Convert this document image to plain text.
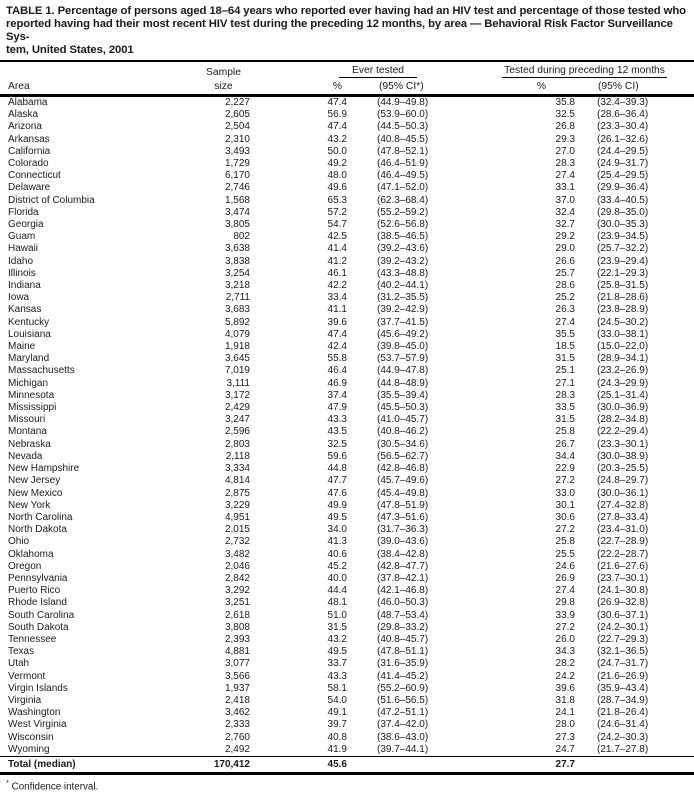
TABLE 1. Percentage of persons aged 18–64 years who reported ever having had an HIV test and percentage of those tested who
reported having had their most recent HIV test during the preceding 12 months, by area — Behavioral Risk Factor Surveillance Sys-
tem, United States, 2001
	Sample	Ever tested		Tested during preceding 12 months	
Area	size	%	(95% CI*)	%	(95% CI)
Alabama	2,227	47.4	(44.9–49.8)	35.8	(32.4–39.3)
Alaska	2,605	56.9	(53.9–60.0)	32.5	(28.6–36.4)
Arizona	2,504	47.4	(44.5–50.3)	26.8	(23.3–30.4)
Arkansas	2,310	43.2	(40.8–45.5)	29.3	(26.1–32.6)
California	3,493	50.0	(47.8–52.1)	27.0	(24.4–29.5)
Colorado	1,729	49.2	(46.4–51.9)	28.3	(24.9–31.7)
Connecticut	6,170	48.0	(46.4–49.5)	27.4	(25.4–29.5)
Delaware	2,746	49.6	(47.1–52.0)	33.1	(29.9–36.4)
District of Columbia	1,568	65.3	(62.3–68.4)	37.0	(33.4–40.5)
Florida	3,474	57.2	(55.2–59.2)	32.4	(29.8–35.0)
Georgia	3,805	54.7	(52.6–56.8)	32.7	(30.0–35.3)
Guam	802	42.5	(38.5–46.5)	29.2	(23.9–34.5)
Hawaii	3,638	41.4	(39.2–43.6)	29.0	(25.7–32.2)
Idaho	3,838	41.2	(39.2–43.2)	26.6	(23.9–29.4)
Illinois	3,254	46.1	(43.3–48.8)	25.7	(22.1–29.3)
Indiana	3,218	42.2	(40.2–44.1)	28.6	(25.8–31.5)
Iowa	2,711	33.4	(31.2–35.5)	25.2	(21.8–28.6)
Kansas	3,683	41.1	(39.2–42.9)	26.3	(23.8–28.9)
Kentucky	5,892	39.6	(37.7–41.5)	27.4	(24.5–30.2)
Louisiana	4,079	47.4	(45.6–49.2)	35.5	(33.0–38.1)
Maine	1,918	42.4	(39.8–45.0)	18.5	(15.0–22.0)
Maryland	3,645	55.8	(53.7–57.9)	31.5	(28.9–34.1)
Massachusetts	7,019	46.4	(44.9–47.8)	25.1	(23.2–26.9)
Michigan	3,111	46.9	(44.8–48.9)	27.1	(24.3–29.9)
Minnesota	3,172	37.4	(35.5–39.4)	28.3	(25.1–31.4)
Mississippi	2,429	47.9	(45.5–50.3)	33.5	(30.0–36.9)
Missouri	3,247	43.3	(41.0–45.7)	31.5	(28.2–34.8)
Montana	2,596	43.5	(40.8–46.2)	25.8	(22.2–29.4)
Nebraska	2,803	32.5	(30.5–34.6)	26.7	(23.3–30.1)
Nevada	2,118	59.6	(56.5–62.7)	34.4	(30.0–38.9)
New Hampshire	3,334	44.8	(42.8–46.8)	22.9	(20.3–25.5)
New Jersey	4,814	47.7	(45.7–49.6)	27.2	(24.8–29.7)
New Mexico	2,875	47.6	(45.4–49.8)	33.0	(30.0–36.1)
New York	3,229	49.9	(47.8–51.9)	30.1	(27.4–32.8)
North Carolina	4,951	49.5	(47.3–51.6)	30.6	(27.8–33.4)
North Dakota	2,015	34.0	(31.7–36.3)	27.2	(23.4–31.0)
Ohio	2,732	41.3	(39.0–43.6)	25.8	(22.7–28.9)
Oklahoma	3,482	40.6	(38.4–42.8)	25.5	(22.2–28.7)
Oregon	2,046	45.2	(42.8–47.7)	24.6	(21.6–27.6)
Pennsylvania	2,842	40.0	(37.8–42.1)	26.9	(23.7–30.1)
Puerto Rico	3,292	44.4	(42.1–46.8)	27.4	(24.1–30.8)
Rhode Island	3,251	48.1	(46.0–50.3)	29.8	(26.9–32.8)
South Carolina	2,618	51.0	(48.7–53.4)	33.9	(30.6–37.1)
South Dakota	3,808	31.5	(29.8–33.2)	27.2	(24.2–30.1)
Tennessee	2,393	43.2	(40.8–45.7)	26.0	(22.7–29.3)
Texas	4,881	49.5	(47.8–51.1)	34.3	(32.1–36.5)
Utah	3,077	33.7	(31.6–35.9)	28.2	(24.7–31.7)
Vermont	3,566	43.3	(41.4–45.2)	24.2	(21.6–26.9)
Virgin Islands	1,937	58.1	(55.2–60.9)	39.6	(35.9–43.4)
Virginia	2,418	54.0	(51.6–56.5)	31.8	(28.7–34.9)
Washington	3,462	49.1	(47.2–51.1)	24.1	(21.8–26.4)
West Virginia	2,333	39.7	(37.4–42.0)	28.0	(24.6–31.4)
Wisconsin	2,760	40.8	(38.6–43.0)	27.3	(24.2–30.3)
Wyoming	2,492	41.9	(39.7–44.1)	24.7	(21.7–27.8)
Total (median)	170,412	45.6		27.7	
* Confidence interval.
